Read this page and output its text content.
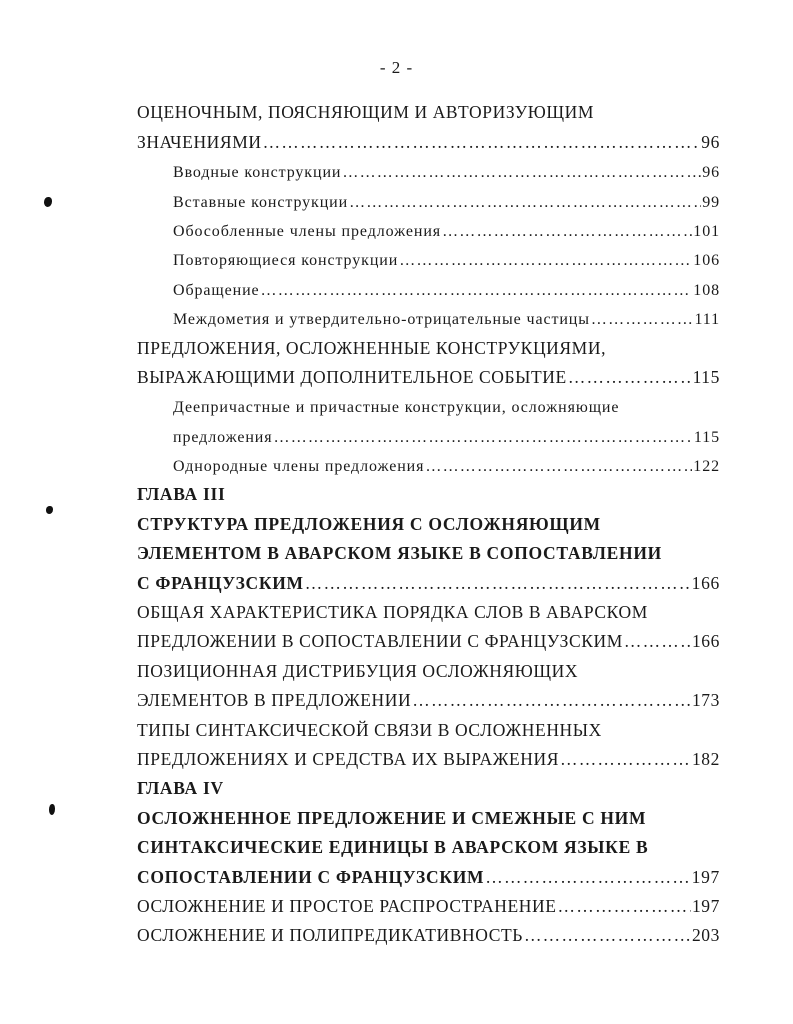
- 2 -
ОЦЕНОЧНЫМ, ПОЯСНЯЮЩИМ И АВТОРИЗУЮЩИМ
ЗНАЧЕНИЯМИ ……………………………………………………………………………………………………………………………………	96
Вводные конструкции ……………………………………………………………………………………………………………………………………	96
Вставные конструкции ……………………………………………………………………………………………………………………………………	99
Обособленные члены предложения ……………………………………………………………………………………………………………………………………	101
Повторяющиеся конструкции ……………………………………………………………………………………………………………………………………	106
Обращение ……………………………………………………………………………………………………………………………………	108
Междометия и утвердительно-отрицательные частицы ……………………………………………………………………………………………………………………………………	111
ПРЕДЛОЖЕНИЯ, ОСЛОЖНЕННЫЕ КОНСТРУКЦИЯМИ,
ВЫРАЖАЮЩИМИ ДОПОЛНИТЕЛЬНОЕ СОБЫТИЕ ……………………………………………………………………………………………………………………………………	115
Деепричастные и причастные конструкции, осложняющие
предложения ……………………………………………………………………………………………………………………………………	115
Однородные члены предложения ……………………………………………………………………………………………………………………………………	122
ГЛАВА III
СТРУКТУРА ПРЕДЛОЖЕНИЯ С ОСЛОЖНЯЮЩИМ
ЭЛЕМЕНТОМ В АВАРСКОМ ЯЗЫКЕ В СОПОСТАВЛЕНИИ
С ФРАНЦУЗСКИМ ……………………………………………………………………………………………………………………………………	166
ОБЩАЯ ХАРАКТЕРИСТИКА ПОРЯДКА СЛОВ В АВАРСКОМ
ПРЕДЛОЖЕНИИ В СОПОСТАВЛЕНИИ С ФРАНЦУЗСКИМ ……………………………………………………………………………………………………………………………………	166
ПОЗИЦИОННАЯ ДИСТРИБУЦИЯ ОСЛОЖНЯЮЩИХ
ЭЛЕМЕНТОВ В ПРЕДЛОЖЕНИИ ……………………………………………………………………………………………………………………………………	173
ТИПЫ СИНТАКСИЧЕСКОЙ СВЯЗИ В ОСЛОЖНЕННЫХ
ПРЕДЛОЖЕНИЯХ И СРЕДСТВА ИХ ВЫРАЖЕНИЯ ……………………………………………………………………………………………………………………………………	182
ГЛАВА IV
ОСЛОЖНЕННОЕ ПРЕДЛОЖЕНИЕ И СМЕЖНЫЕ С НИМ
СИНТАКСИЧЕСКИЕ ЕДИНИЦЫ В АВАРСКОМ ЯЗЫКЕ В
СОПОСТАВЛЕНИИ С ФРАНЦУЗСКИМ ……………………………………………………………………………………………………………………………………	197
ОСЛОЖНЕНИЕ И ПРОСТОЕ РАСПРОСТРАНЕНИЕ ……………………………………………………………………………………………………………………………………	197
ОСЛОЖНЕНИЕ И ПОЛИПРЕДИКАТИВНОСТЬ ……………………………………………………………………………………………………………………………………	203
